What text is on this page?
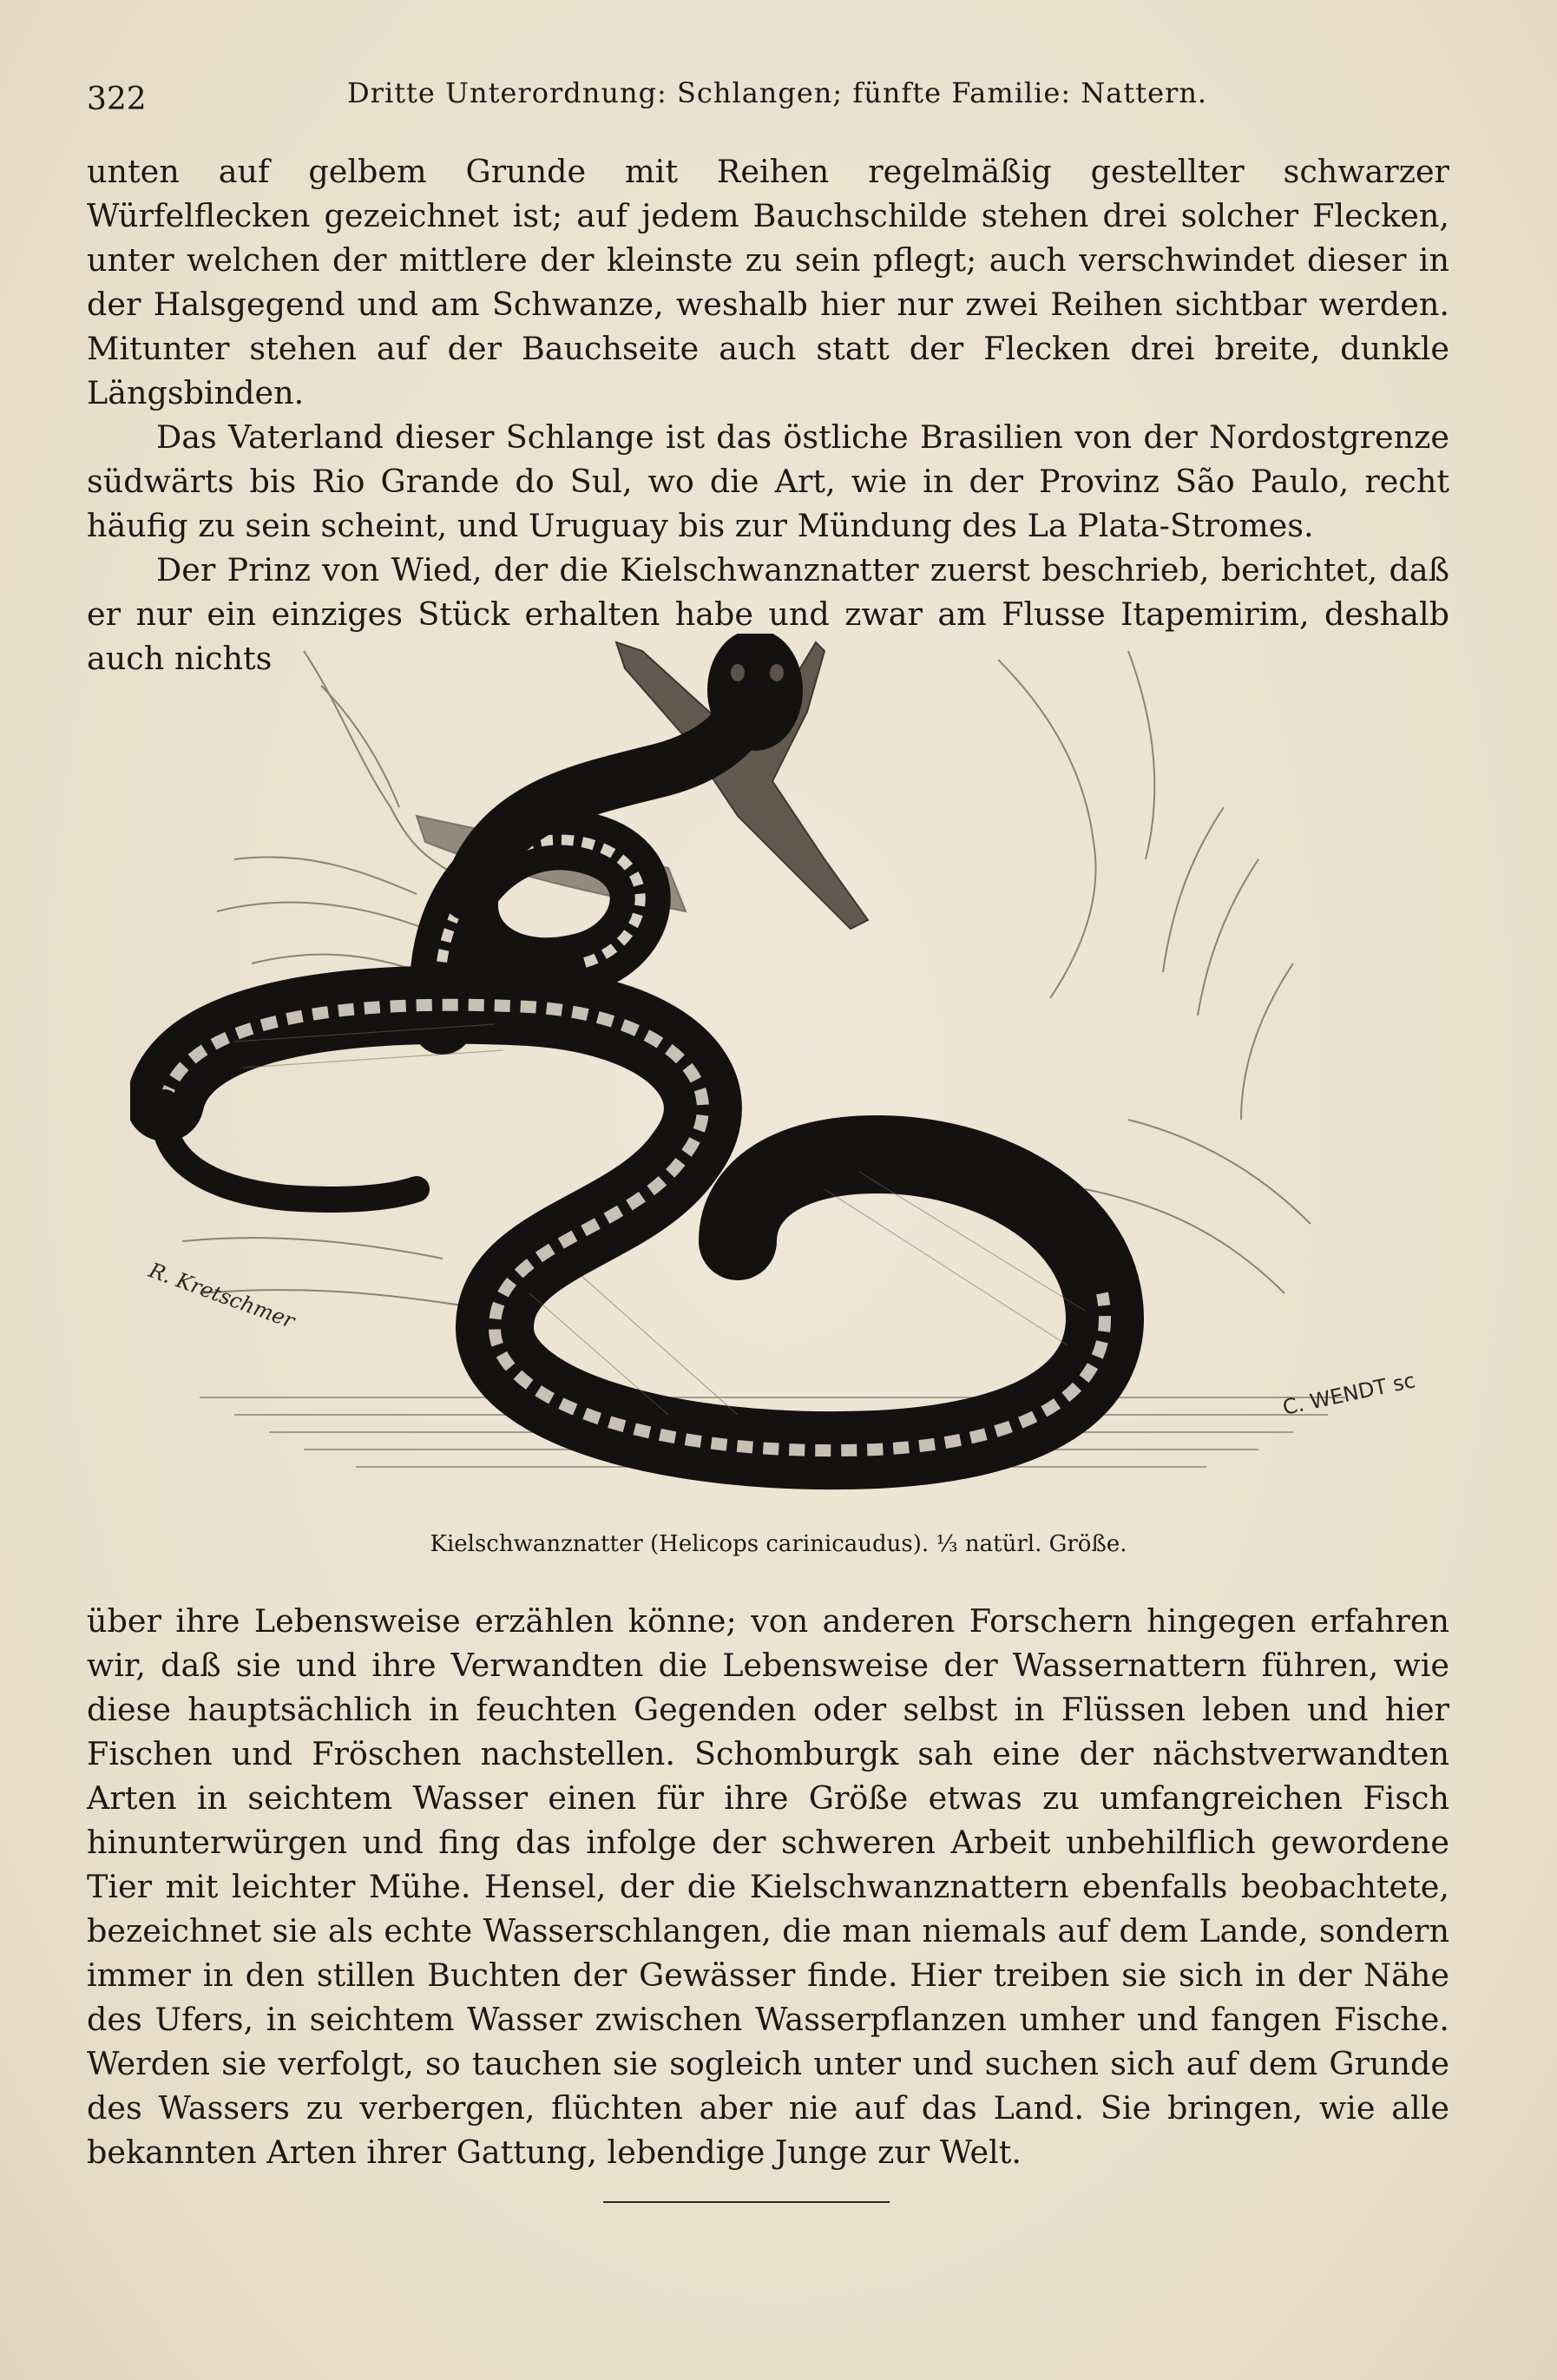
322	Dritte Unterordnung: Schlangen; fünfte Familie: Nattern.

unten auf gelbem Grunde mit Reihen regelmäßig gestellter schwarzer Würfelflecken gezeichnet ist; auf jedem Bauchschilde stehen drei solcher Flecken, unter welchen der mittlere der kleinste zu sein pflegt; auch verschwindet dieser in der Halsgegend und am Schwanze, weshalb hier nur zwei Reihen sichtbar werden. Mitunter stehen auf der Bauchseite auch statt der Flecken drei breite, dunkle Längsbinden.

Das Vaterland dieser Schlange ist das östliche Brasilien von der Nordostgrenze südwärts bis Rio Grande do Sul, wo die Art, wie in der Provinz São Paulo, recht häufig zu sein scheint, und Uruguay bis zur Mündung des La Plata-Stromes.

Der Prinz von Wied, der die Kielschwanznatter zuerst beschrieb, berichtet, daß er nur ein einziges Stück erhalten habe und zwar am Flusse Itapemirim, deshalb auch nichts

R. Kretschmer
C. WENDT sc
Kielschwanznatter (Helicops carinicaudus). ⅓ natürl. Größe.

über ihre Lebensweise erzählen könne; von anderen Forschern hingegen erfahren wir, daß sie und ihre Verwandten die Lebensweise der Wassernattern führen, wie diese hauptsächlich in feuchten Gegenden oder selbst in Flüssen leben und hier Fischen und Fröschen nachstellen. Schomburgk sah eine der nächstverwandten Arten in seichtem Wasser einen für ihre Größe etwas zu umfangreichen Fisch hinunterwürgen und fing das infolge der schweren Arbeit unbehilflich gewordene Tier mit leichter Mühe. Hensel, der die Kielschwanznattern ebenfalls beobachtete, bezeichnet sie als echte Wasserschlangen, die man niemals auf dem Lande, sondern immer in den stillen Buchten der Gewässer finde. Hier treiben sie sich in der Nähe des Ufers, in seichtem Wasser zwischen Wasserpflanzen umher und fangen Fische. Werden sie verfolgt, so tauchen sie sogleich unter und suchen sich auf dem Grunde des Wassers zu verbergen, flüchten aber nie auf das Land. Sie bringen, wie alle bekannten Arten ihrer Gattung, lebendige Junge zur Welt.
